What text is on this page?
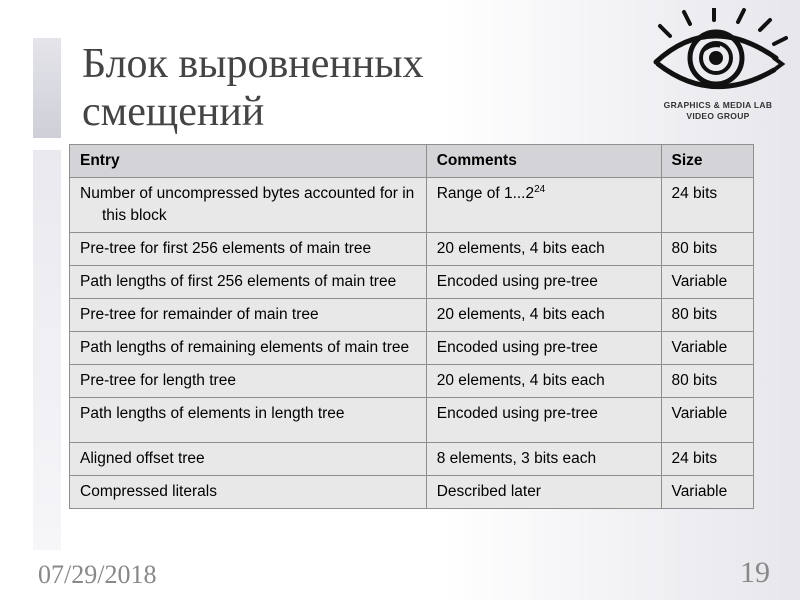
Блок выровненных
смещений	GRAPHICS & MEDIA LAB
VIDEO GROUP
Entry	Comments	Size

Number of uncompressed bytes accounted for in this block	Range of 1...2$^{24}$	24 bits

Pre-tree for first 256 elements of main tree	20 elements, 4 bits each	80 bits

Path lengths of first 256 elements of main tree	Encoded using pre-tree	Variable

Pre-tree for remainder of main tree	20 elements, 4 bits each	80 bits

Path lengths of remaining elements of main tree	Encoded using pre-tree	Variable

Pre-tree for length tree	20 elements, 4 bits each	80 bits

Path lengths of elements in length tree	Encoded using pre-tree	Variable

Aligned offset tree	8 elements, 3 bits each	24 bits

Compressed literals	Described later	Variable
07/29/2018	19
